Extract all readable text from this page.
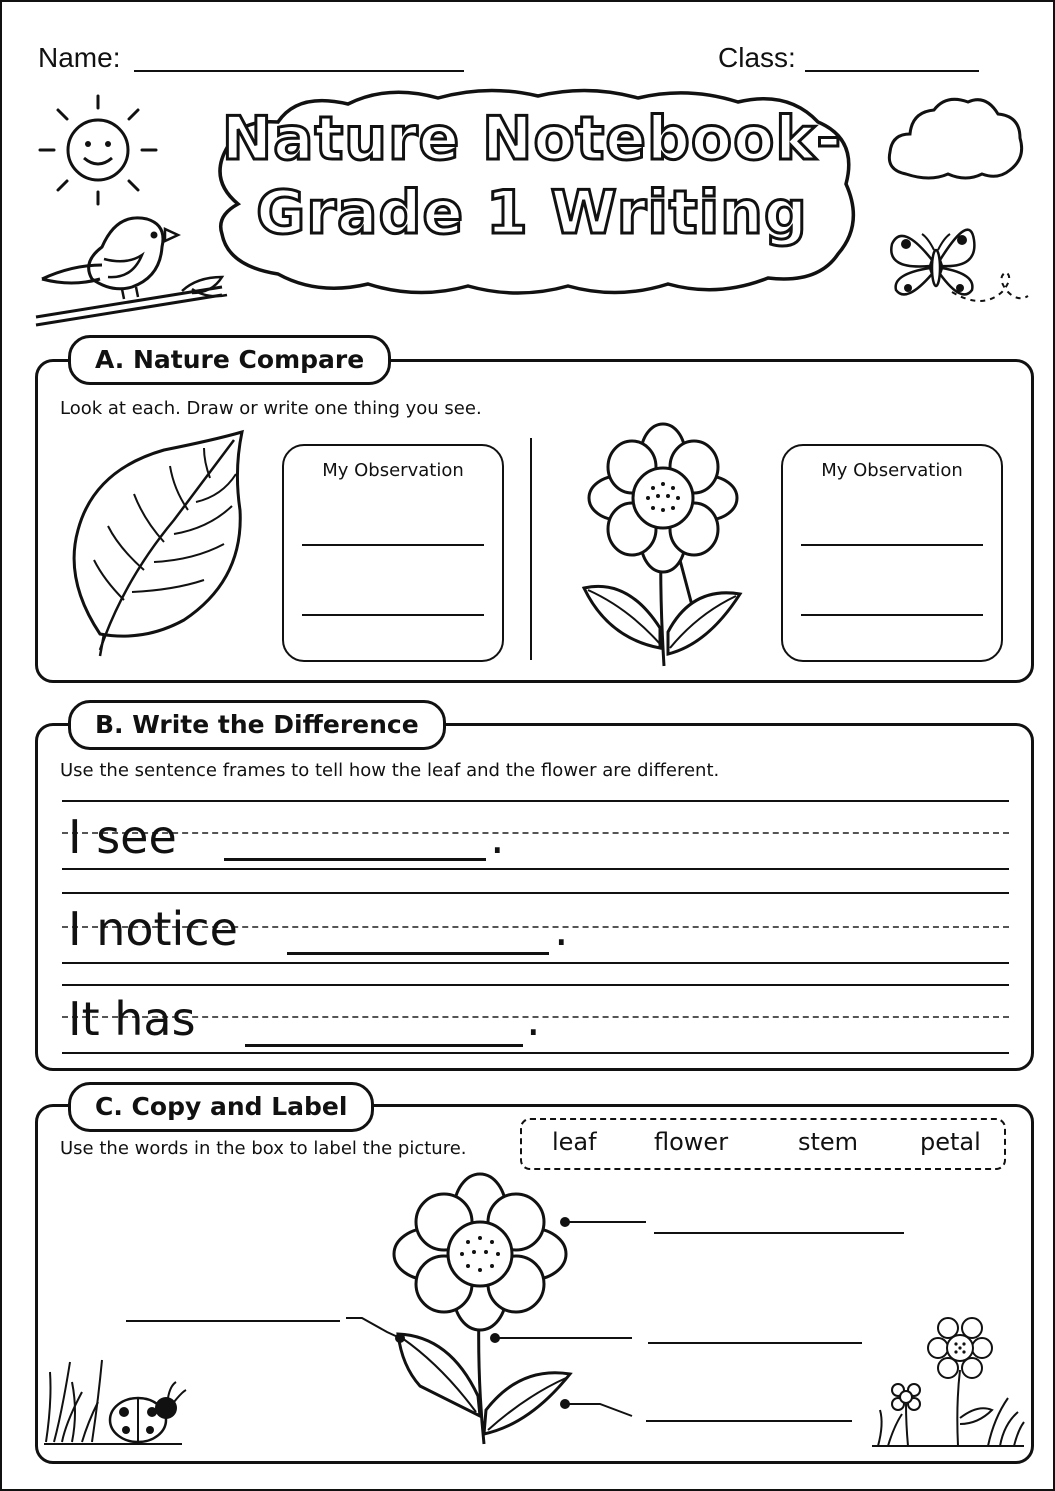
Name:	Class:
Nature Notebook-
Grade 1 Writing
A. Nature Compare
Look at each. Draw or write one thing you see.
My Observation	My Observation
B. Write the Difference
Use the sentence frames to tell how the leaf and the flower are different.
I see	.
I notice	.
It has	.
C. Copy and Label
Use the words in the box to label the picture.	leaf flower	stem	petal
